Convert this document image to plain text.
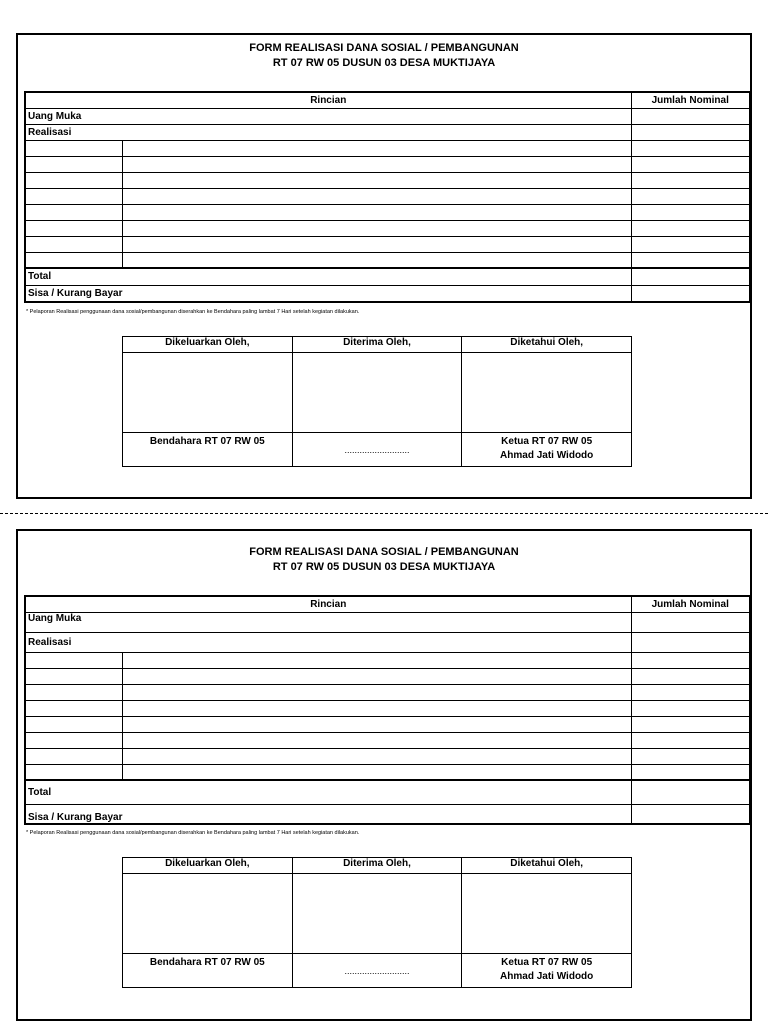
FORM REALISASI DANA SOSIAL / PEMBANGUNAN
RT 07 RW 05 DUSUN 03 DESA MUKTIJAYA
Rincian		Jumlah Nominal
Uang Muka		
Realisasi		

Total		
Sisa / Kurang Bayar		
* Pelaporan Realisasi penggunaan dana sosial/pembangunan diserahkan ke Bendahara paling lambat 7 Hari setelah kegiatan dilakukan.
Dikeluarkan Oleh,	Diterima Oleh,	Diketahui Oleh,

Bendahara RT 07 RW 05	..........................	Ketua RT 07 RW 05
Ahmad Jati Widodo
FORM REALISASI DANA SOSIAL / PEMBANGUNAN
RT 07 RW 05 DUSUN 03 DESA MUKTIJAYA
Rincian		Jumlah Nominal
Uang Muka		
Realisasi		

Total		
Sisa / Kurang Bayar		
* Pelaporan Realisasi penggunaan dana sosial/pembangunan diserahkan ke Bendahara paling lambat 7 Hari setelah kegiatan dilakukan.
Dikeluarkan Oleh,	Diterima Oleh,	Diketahui Oleh,

Bendahara RT 07 RW 05	..........................	Ketua RT 07 RW 05
Ahmad Jati Widodo
